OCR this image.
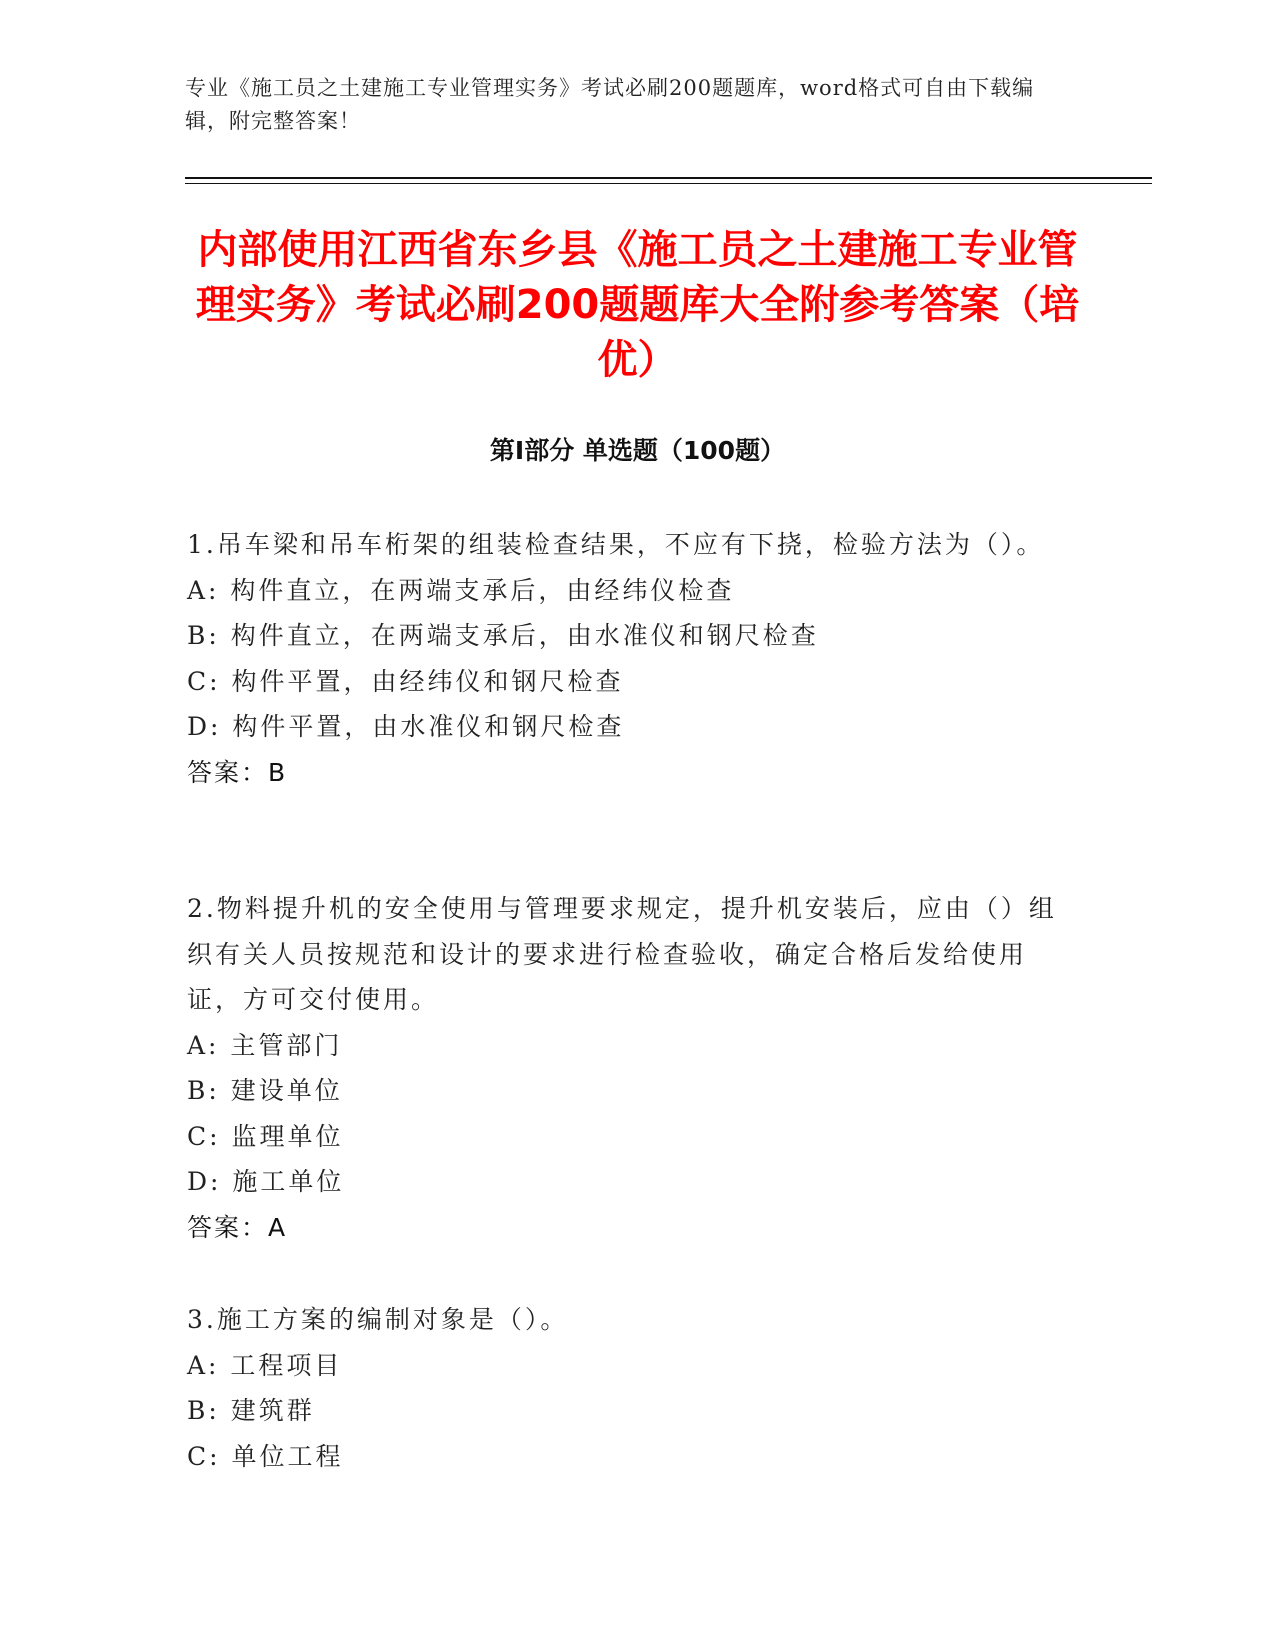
专业《施工员之土建施工专业管理实务》考试必刷200题题库，word格式可自由下载编辑，附完整答案！
内部使用江西省东乡县《施工员之土建施工专业管理实务》考试必刷200题题库大全附参考答案（培优）
第Ⅰ部分 单选题（100题）
1.吊车梁和吊车桁架的组装检查结果，不应有下挠，检验方法为（）。
A: 构件直立，在两端支承后，由经纬仪检查
B: 构件直立，在两端支承后，由水准仪和钢尺检查
C: 构件平置，由经纬仪和钢尺检查
D: 构件平置，由水准仪和钢尺检查
答案：B
2.物料提升机的安全使用与管理要求规定，提升机安装后，应由（）组织有关人员按规范和设计的要求进行检查验收，确定合格后发给使用证，方可交付使用。
A: 主管部门
B: 建设单位
C: 监理单位
D: 施工单位
答案：A
3.施工方案的编制对象是（）。
A: 工程项目
B: 建筑群
C: 单位工程
